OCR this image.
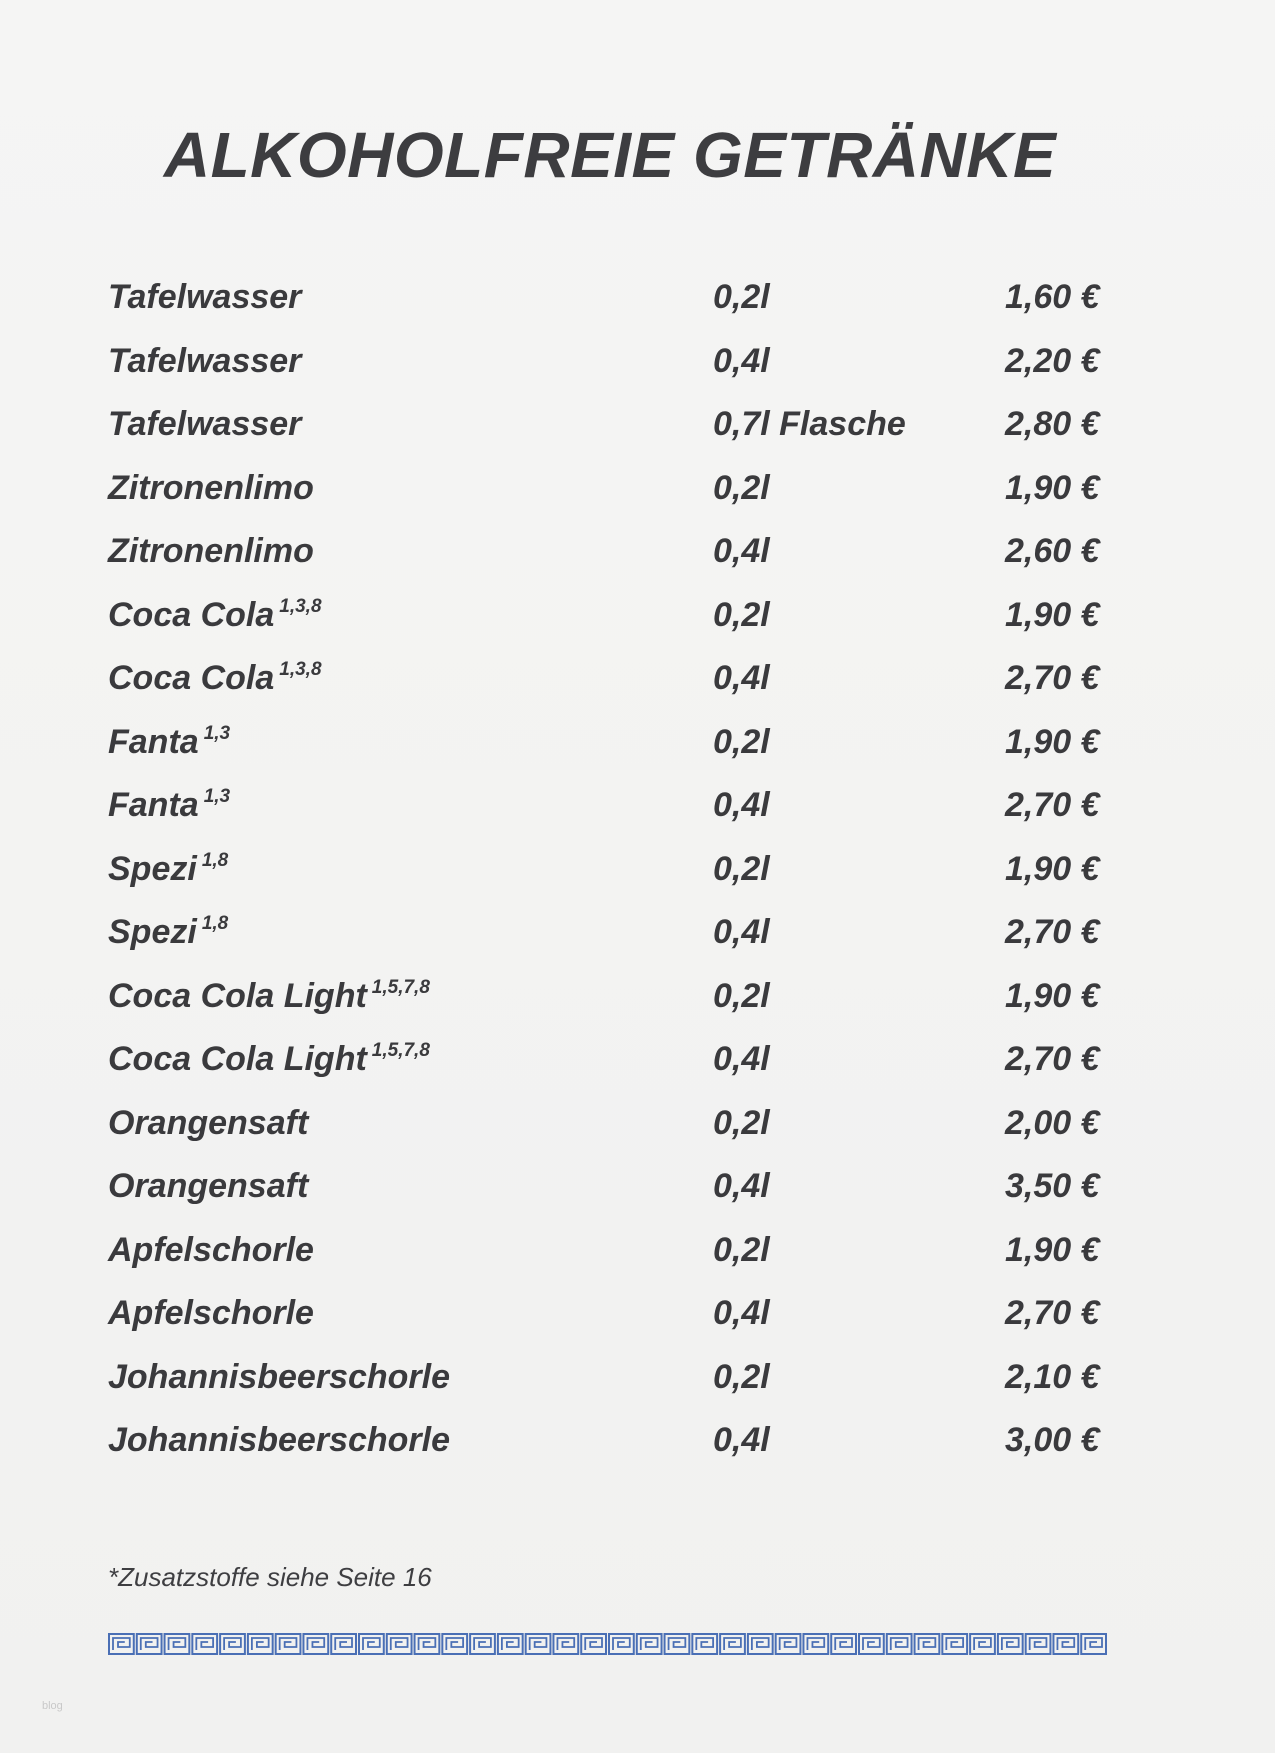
ALKOHOLFREIE GETRÄNKE
Tafelwasser	0,2l	1,60 €
Tafelwasser	0,4l	2,20 €
Tafelwasser	0,7l Flasche	2,80 €
Zitronenlimo	0,2l	1,90 €
Zitronenlimo	0,4l	2,60 €
Coca Cola 1,3,8	0,2l	1,90 €
Coca Cola 1,3,8	0,4l	2,70 €
Fanta 1,3	0,2l	1,90 €
Fanta 1,3	0,4l	2,70 €
Spezi 1,8	0,2l	1,90 €
Spezi 1,8	0,4l	2,70 €
Coca Cola Light 1,5,7,8	0,2l	1,90 €
Coca Cola Light 1,5,7,8	0,4l	2,70 €
Orangensaft	0,2l	2,00 €
Orangensaft	0,4l	3,50 €
Apfelschorle	0,2l	1,90 €
Apfelschorle	0,4l	2,70 €
Johannisbeerschorle	0,2l	2,10 €
Johannisbeerschorle	0,4l	3,00 €
*Zusatzstoffe siehe Seite 16
blog
